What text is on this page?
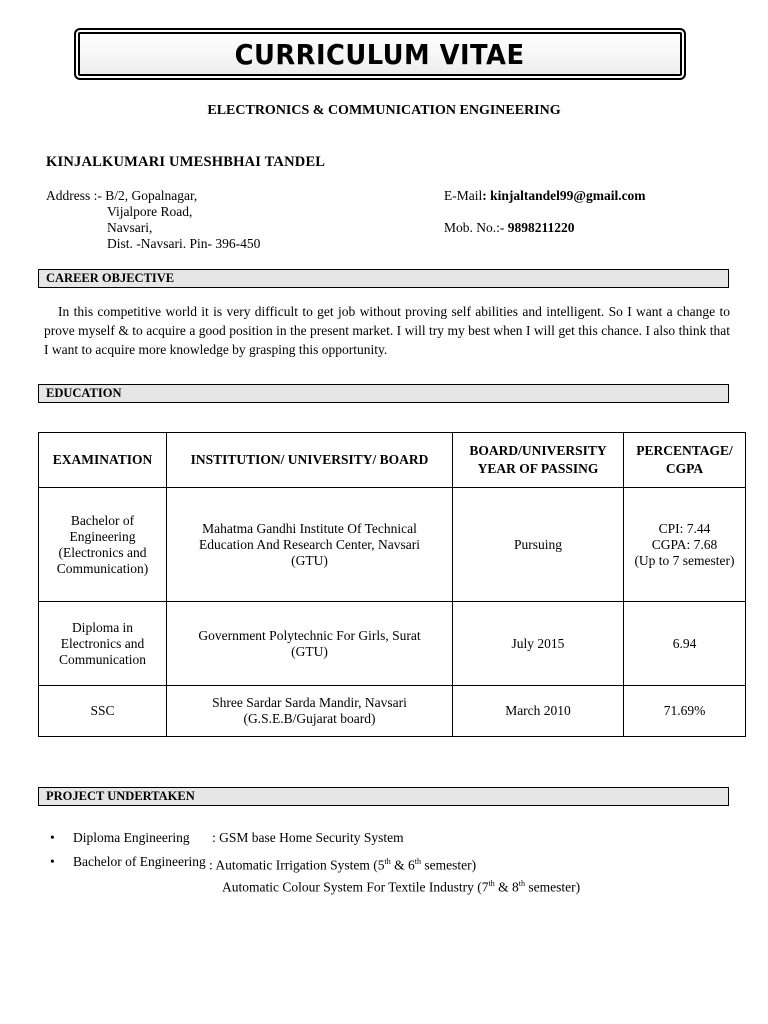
CURRICULUM VITAE
ELECTRONICS & COMMUNICATION ENGINEERING
KINJALKUMARI UMESHBHAI TANDEL
Address :- B/2, Gopalnagar,
Vijalpore Road,
Navsari,
Dist. -Navsari. Pin- 396-450
E-Mail: kinjaltandel99@gmail.com
Mob. No.:- 9898211220
CAREER OBJECTIVE

In this competitive world it is very difficult to get job without proving self abilities and intelligent. So I want a change to prove myself & to acquire a good position in the present market. I will try my best when I will get this chance. I also think that I want to acquire more knowledge by grasping this opportunity.

EDUCATION
EXAMINATION	INSTITUTION/ UNIVERSITY/ BOARD	BOARD/UNIVERSITY YEAR OF PASSING	PERCENTAGE/ CGPA
Bachelor of
Engineering
(Electronics and
Communication)	Mahatma Gandhi Institute Of Technical
Education And Research Center, Navsari
(GTU)	Pursuing	CPI: 7.44
CGPA: 7.68
(Up to 7 semester)
Diploma in
Electronics and
Communication	Government Polytechnic For Girls, Surat
(GTU)	July 2015	6.94
SSC	Shree Sardar Sarda Mandir, Navsari
(G.S.E.B/Gujarat board)	March 2010	71.69%
PROJECT UNDERTAKEN
• Diploma Engineering : GSM base Home Security System
• Bachelor of Engineering : Automatic Irrigation System (5th & 6th semester)
Automatic Colour System For Textile Industry (7th & 8th semester)
